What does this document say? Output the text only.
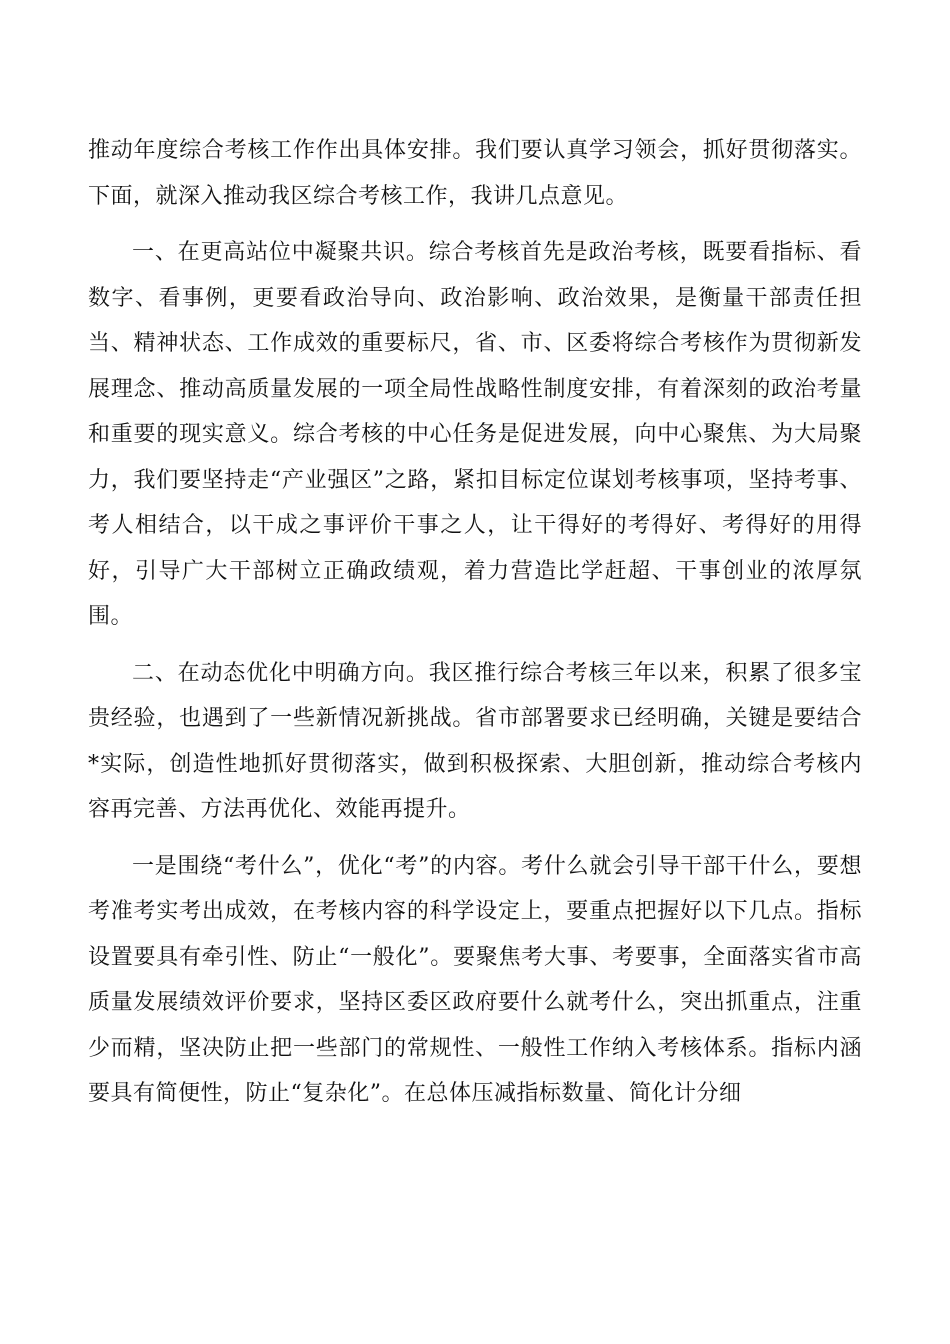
推动年度综合考核工作作出具体安排。我们要认真学习领会，抓好贯彻落实。下面，就深入推动我区综合考核工作，我讲几点意见。

一、在更高站位中凝聚共识。综合考核首先是政治考核，既要看指标、看数字、看事例，更要看政治导向、政治影响、政治效果，是衡量干部责任担当、精神状态、工作成效的重要标尺，省、市、区委将综合考核作为贯彻新发展理念、推动高质量发展的一项全局性战略性制度安排，有着深刻的政治考量和重要的现实意义。综合考核的中心任务是促进发展，向中心聚焦、为大局聚力，我们要坚持走“产业强区”之路，紧扣目标定位谋划考核事项，坚持考事、考人相结合，以干成之事评价干事之人，让干得好的考得好、考得好的用得好，引导广大干部树立正确政绩观，着力营造比学赶超、干事创业的浓厚氛围。

二、在动态优化中明确方向。我区推行综合考核三年以来，积累了很多宝贵经验，也遇到了一些新情况新挑战。省市部署要求已经明确，关键是要结合*实际，创造性地抓好贯彻落实，做到积极探索、大胆创新，推动综合考核内容再完善、方法再优化、效能再提升。

一是围绕“考什么”，优化“考”的内容。考什么就会引导干部干什么，要想考准考实考出成效，在考核内容的科学设定上，要重点把握好以下几点。指标设置要具有牵引性、防止“一般化”。要聚焦考大事、考要事，全面落实省市高质量发展绩效评价要求，坚持区委区政府要什么就考什么，突出抓重点，注重少而精，坚决防止把一些部门的常规性、一般性工作纳入考核体系。指标内涵要具有简便性，防止“复杂化”。在总体压减指标数量、简化计分细
